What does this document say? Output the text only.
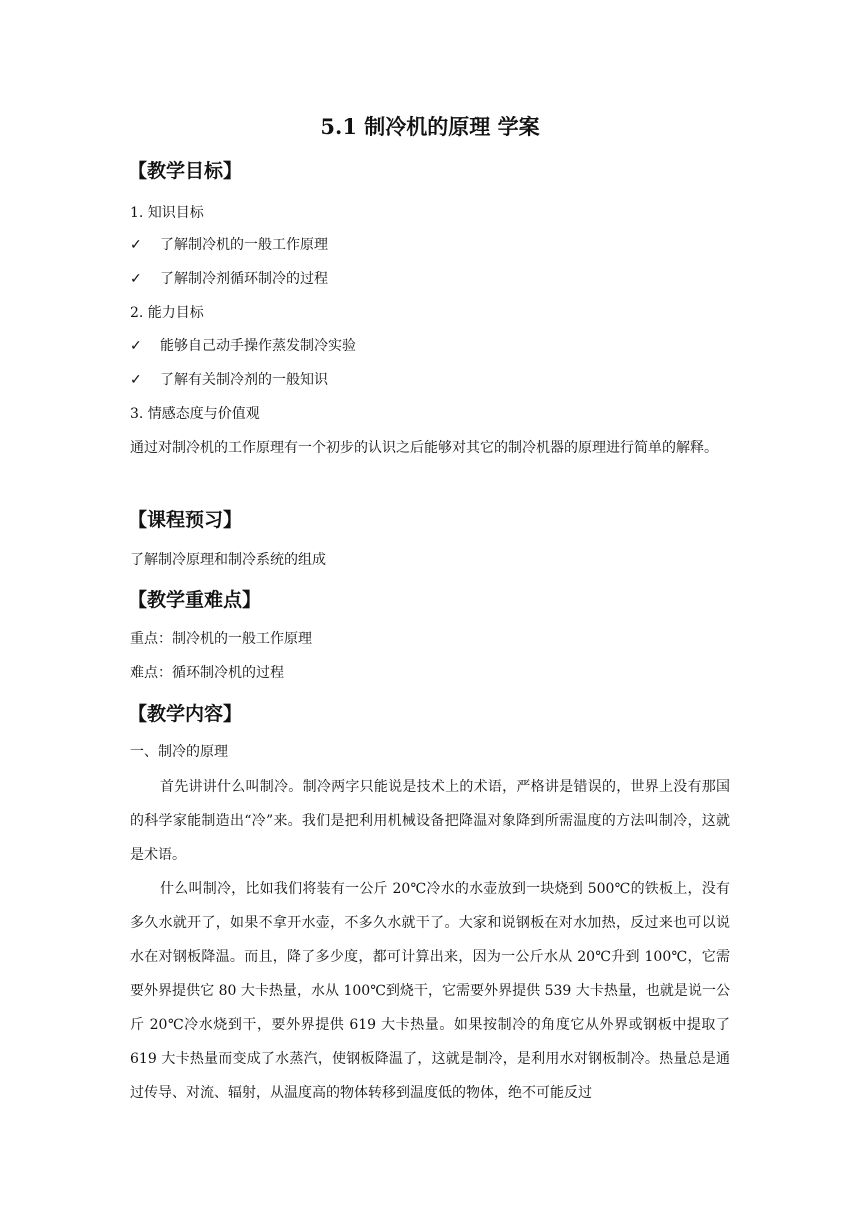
5.1 制冷机的原理 学案
【教学目标】
1. 知识目标
✓ 了解制冷机的一般工作原理
✓ 了解制冷剂循环制冷的过程
2. 能力目标
✓ 能够自己动手操作蒸发制冷实验
✓ 了解有关制冷剂的一般知识
3. 情感态度与价值观

通过对制冷机的工作原理有一个初步的认识之后能够对其它的制冷机器的原理进行简单的解释。

【课程预习】
了解制冷原理和制冷系统的组成
【教学重难点】
重点：制冷机的一般工作原理
难点：循环制冷机的过程
【教学内容】
一、制冷的原理

首先讲讲什么叫制冷。制冷两字只能说是技术上的术语，严格讲是错误的，世界上没有那国的科学家能制造出“冷”来。我们是把利用机械设备把降温对象降到所需温度的方法叫制冷，这就是术语。

什么叫制冷，比如我们将装有一公斤 20℃冷水的水壶放到一块烧到 500℃的铁板上，没有多久水就开了，如果不拿开水壶，不多久水就干了。大家和说钢板在对水加热，反过来也可以说水在对钢板降温。而且，降了多少度，都可计算出来，因为一公斤水从 20℃升到 100℃，它需要外界提供它 80 大卡热量，水从 100℃到烧干，它需要外界提供 539 大卡热量，也就是说一公斤 20℃冷水烧到干，要外界提供 619 大卡热量。如果按制冷的角度它从外界或钢板中提取了 619 大卡热量而变成了水蒸汽，使钢板降温了，这就是制冷，是利用水对钢板制冷。热量总是通过传导、对流、辐射，从温度高的物体转移到温度低的物体，绝不可能反过
